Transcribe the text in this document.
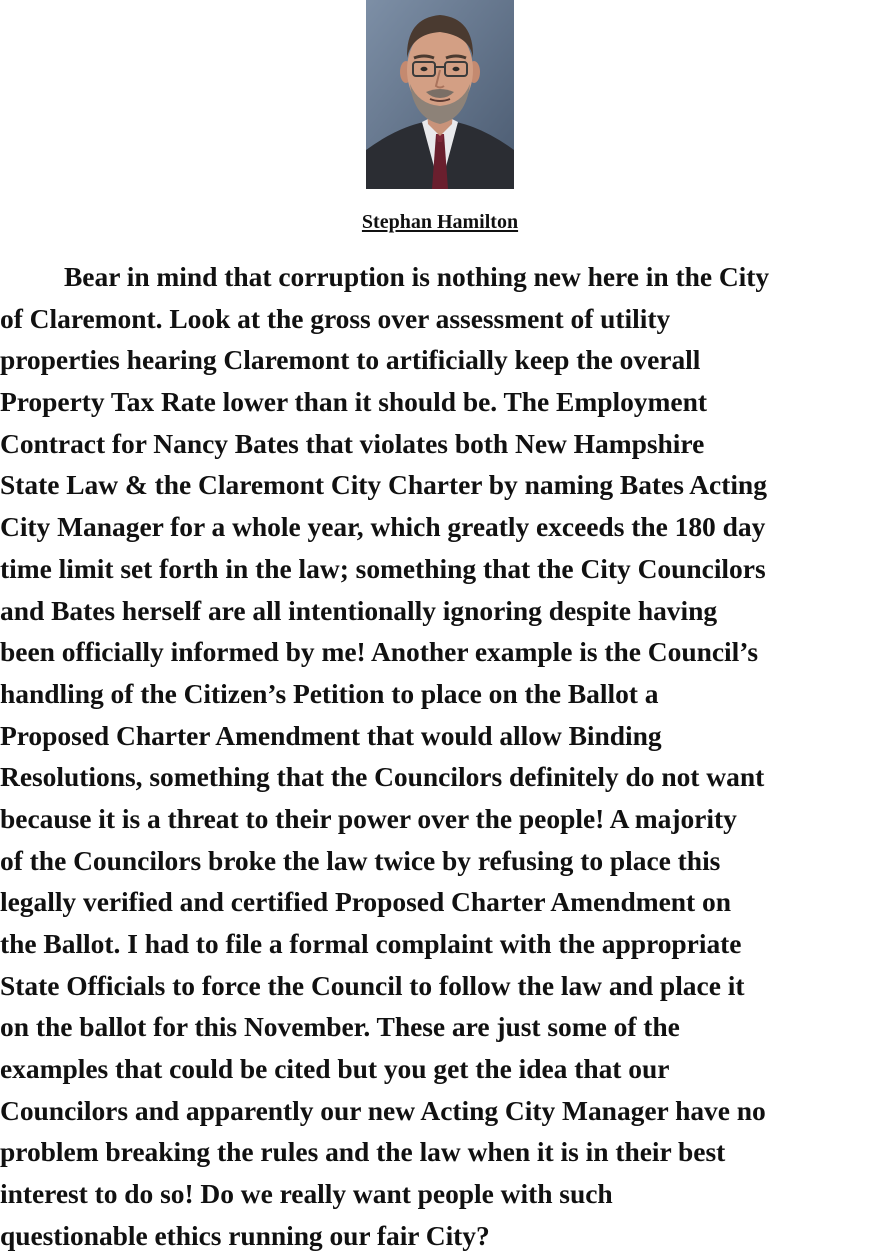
Stephan Hamilton
Bear in mind that corruption is nothing new here in the City
of Claremont. Look at the gross over assessment of utility
properties hearing Claremont to artificially keep the overall
Property Tax Rate lower than it should be. The Employment
Contract for Nancy Bates that violates both New Hampshire
State Law & the Claremont City Charter by naming Bates Acting
City Manager for a whole year, which greatly exceeds the 180 day
time limit set forth in the law; something that the City Councilors
and Bates herself are all intentionally ignoring despite having
been officially informed by me! Another example is the Council’s
handling of the Citizen’s Petition to place on the Ballot a
Proposed Charter Amendment that would allow Binding
Resolutions, something that the Councilors definitely do not want
because it is a threat to their power over the people! A majority
of the Councilors broke the law twice by refusing to place this
legally verified and certified Proposed Charter Amendment on
the Ballot. I had to file a formal complaint with the appropriate
State Officials to force the Council to follow the law and place it
on the ballot for this November. These are just some of the
examples that could be cited but you get the idea that our
Councilors and apparently our new Acting City Manager have no
problem breaking the rules and the law when it is in their best
interest to do so! Do we really want people with such
questionable ethics running our fair City?
